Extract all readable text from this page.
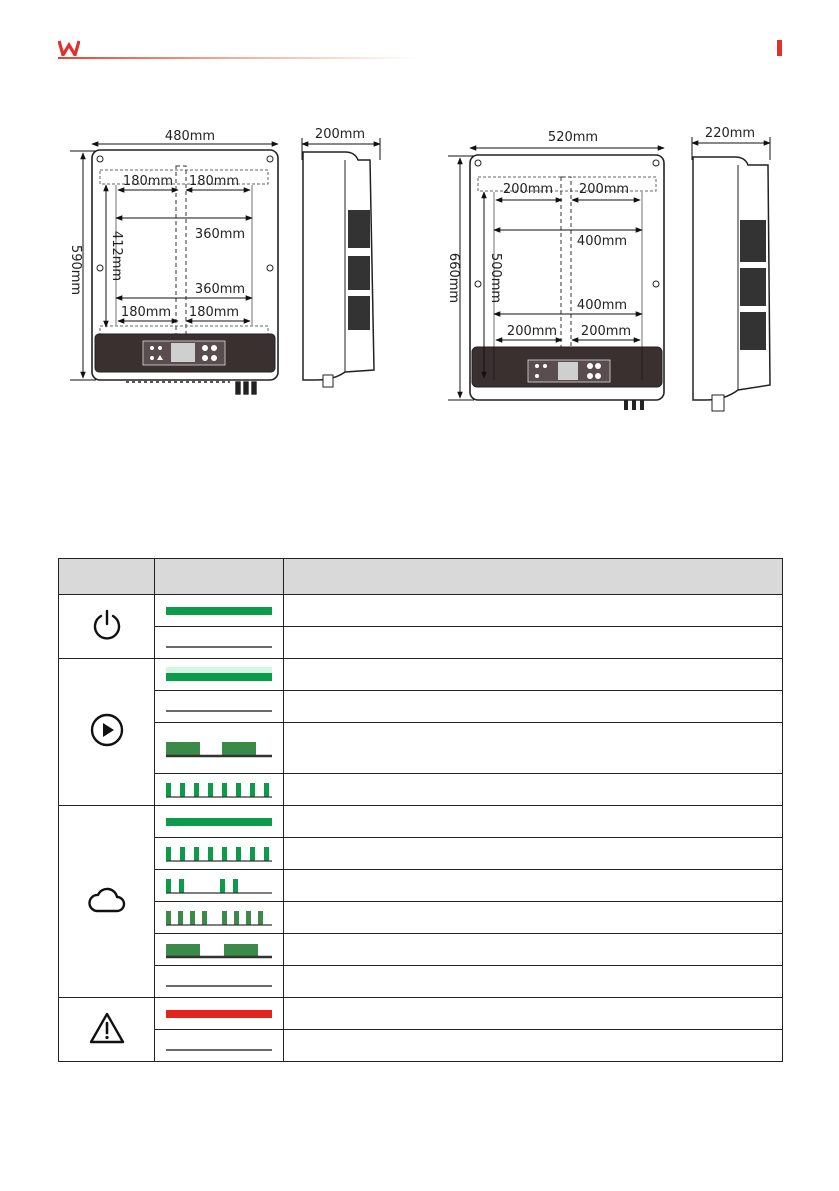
480mm
590mm 412mm
180mm 180mm
360mm
360mm
180mm 180mm
200mm	520mm
660mm 500mm
200mm 200mm
400mm
400mm
200mm 200mm
220mm
